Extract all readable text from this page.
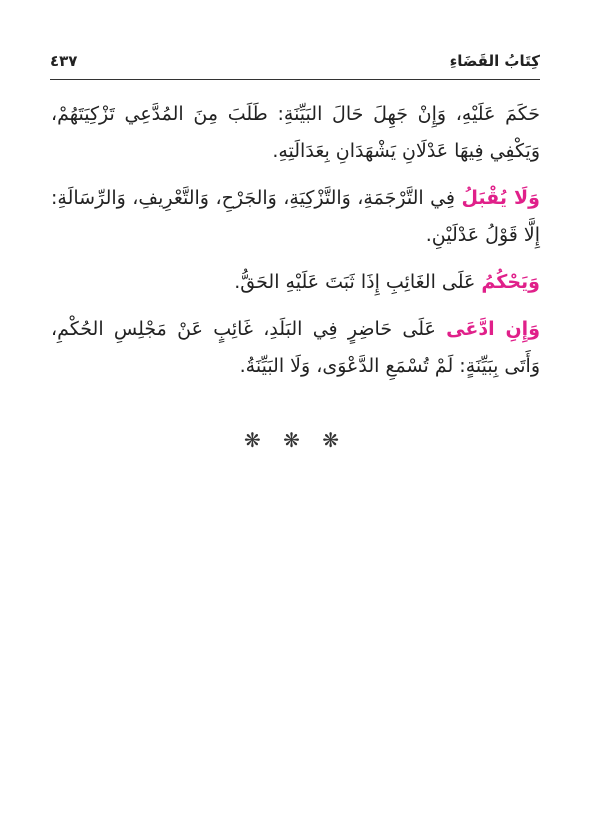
كِتَابُ القَضَاءِ
٤٣٧

حَكَمَ عَلَيْهِ، وَإِنْ جَهِلَ حَالَ البَيِّنَةِ: طَلَبَ مِنَ المُدَّعِي تَزْكِيَتَهُمْ، وَيَكْفِي فِيهَا عَدْلَانِ يَشْهَدَانِ بِعَدَالَتِهِ.

وَلَا يُقْبَلُ فِي التَّرْجَمَةِ، وَالتَّزْكِيَةِ، وَالجَرْحِ، وَالتَّعْرِيفِ، وَالرِّسَالَةِ: إِلَّا قَوْلُ عَدْلَيْنِ.

وَيَحْكُمُ عَلَى الغَائِبِ إِذَا ثَبَتَ عَلَيْهِ الحَقُّ.

وَإِنِ ادَّعَى عَلَى حَاضِرٍ فِي البَلَدِ، غَائِبٍ عَنْ مَجْلِسِ الحُكْمِ، وَأَتَى بِبَيِّنَةٍ: لَمْ تُسْمَعِ الدَّعْوَى، وَلَا البَيِّنَةُ.

❋ ❋ ❋
